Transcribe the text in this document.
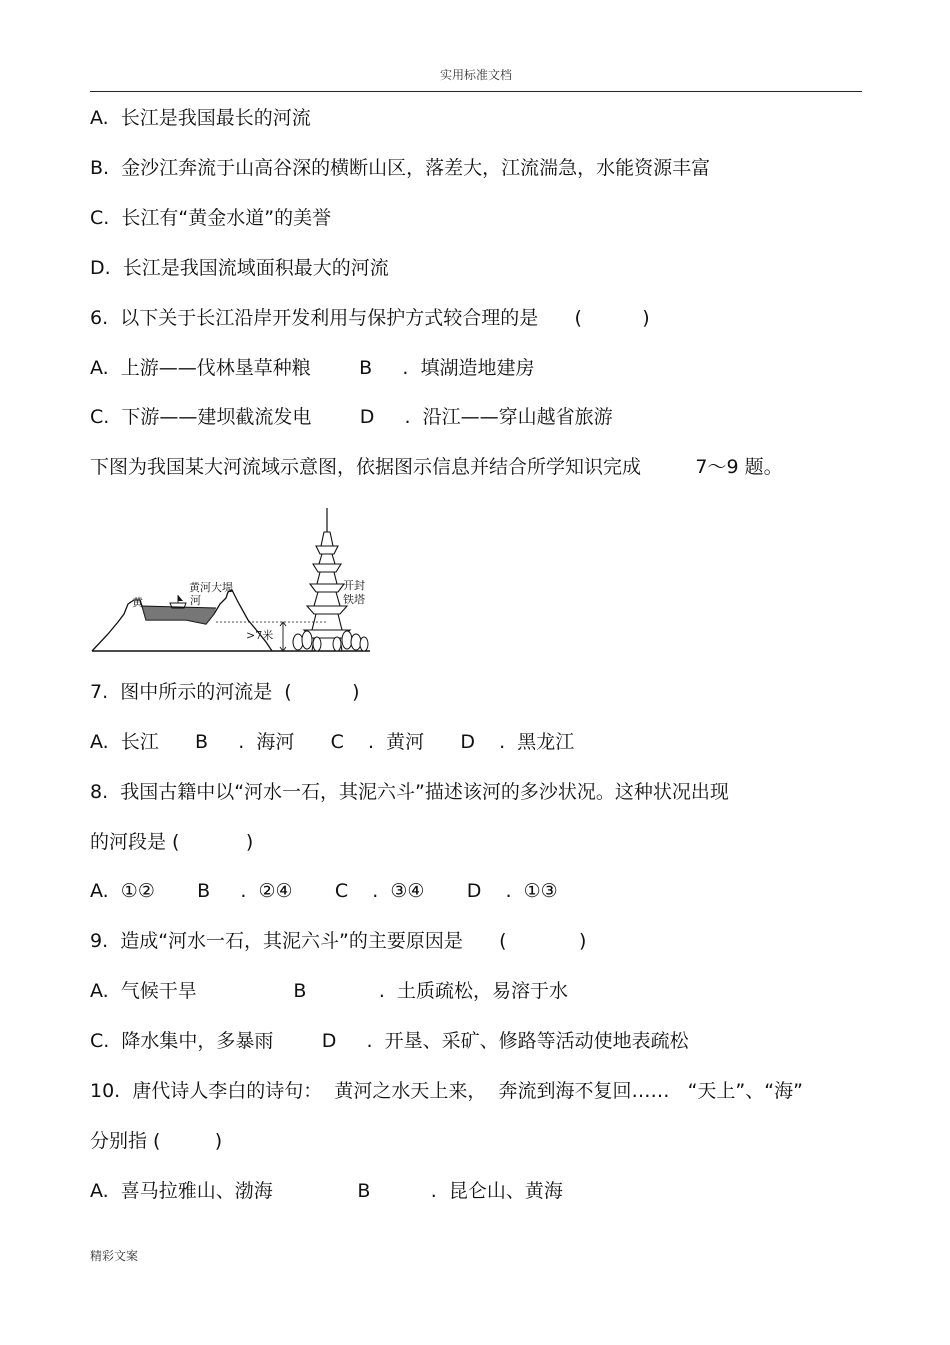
实用标准文档
A.  长江是我国最长的河流
B.  金沙江奔流于山高谷深的横断山区，落差大，江流湍急，水能资源丰富
C.  长江有“黄金水道”的美誉
D.  长江是我国流域面积最大的河流
6.  以下关于长江沿岸开发利用与保护方式较合理的是      (          )
A.  上游——伐林垦草种粮        B     .  填湖造地建房
C.  下游——建坝截流发电        D     .  沿江——穿山越省旅游
下图为我国某大河流域示意图，依据图示信息并结合所学知识完成         7～9 题。
>7米
黄	河
黄河大堤	开封
铁塔
7.  图中所示的河流是  (          )
A.  长江      B     .  海河      C    .  黄河      D    .  黑龙江
8.  我国古籍中以“河水一石，其泥六斗”描述该河的多沙状况。这种状况出现
的河段是 (           )
A.  ①②       B     .  ②④       C    .  ③④       D    .  ①③
9.  造成“河水一石，其泥六斗”的主要原因是      (            )
A.  气候干旱                B            .  土质疏松，易溶于水
C.  降水集中，多暴雨        D     .  开垦、采矿、修路等活动使地表疏松
10.  唐代诗人李白的诗句：  黄河之水天上来，  奔流到海不复回……   “天上”、“海”
分别指 (         )
A.  喜马拉雅山、渤海              B          .  昆仑山、黄海
精彩文案
